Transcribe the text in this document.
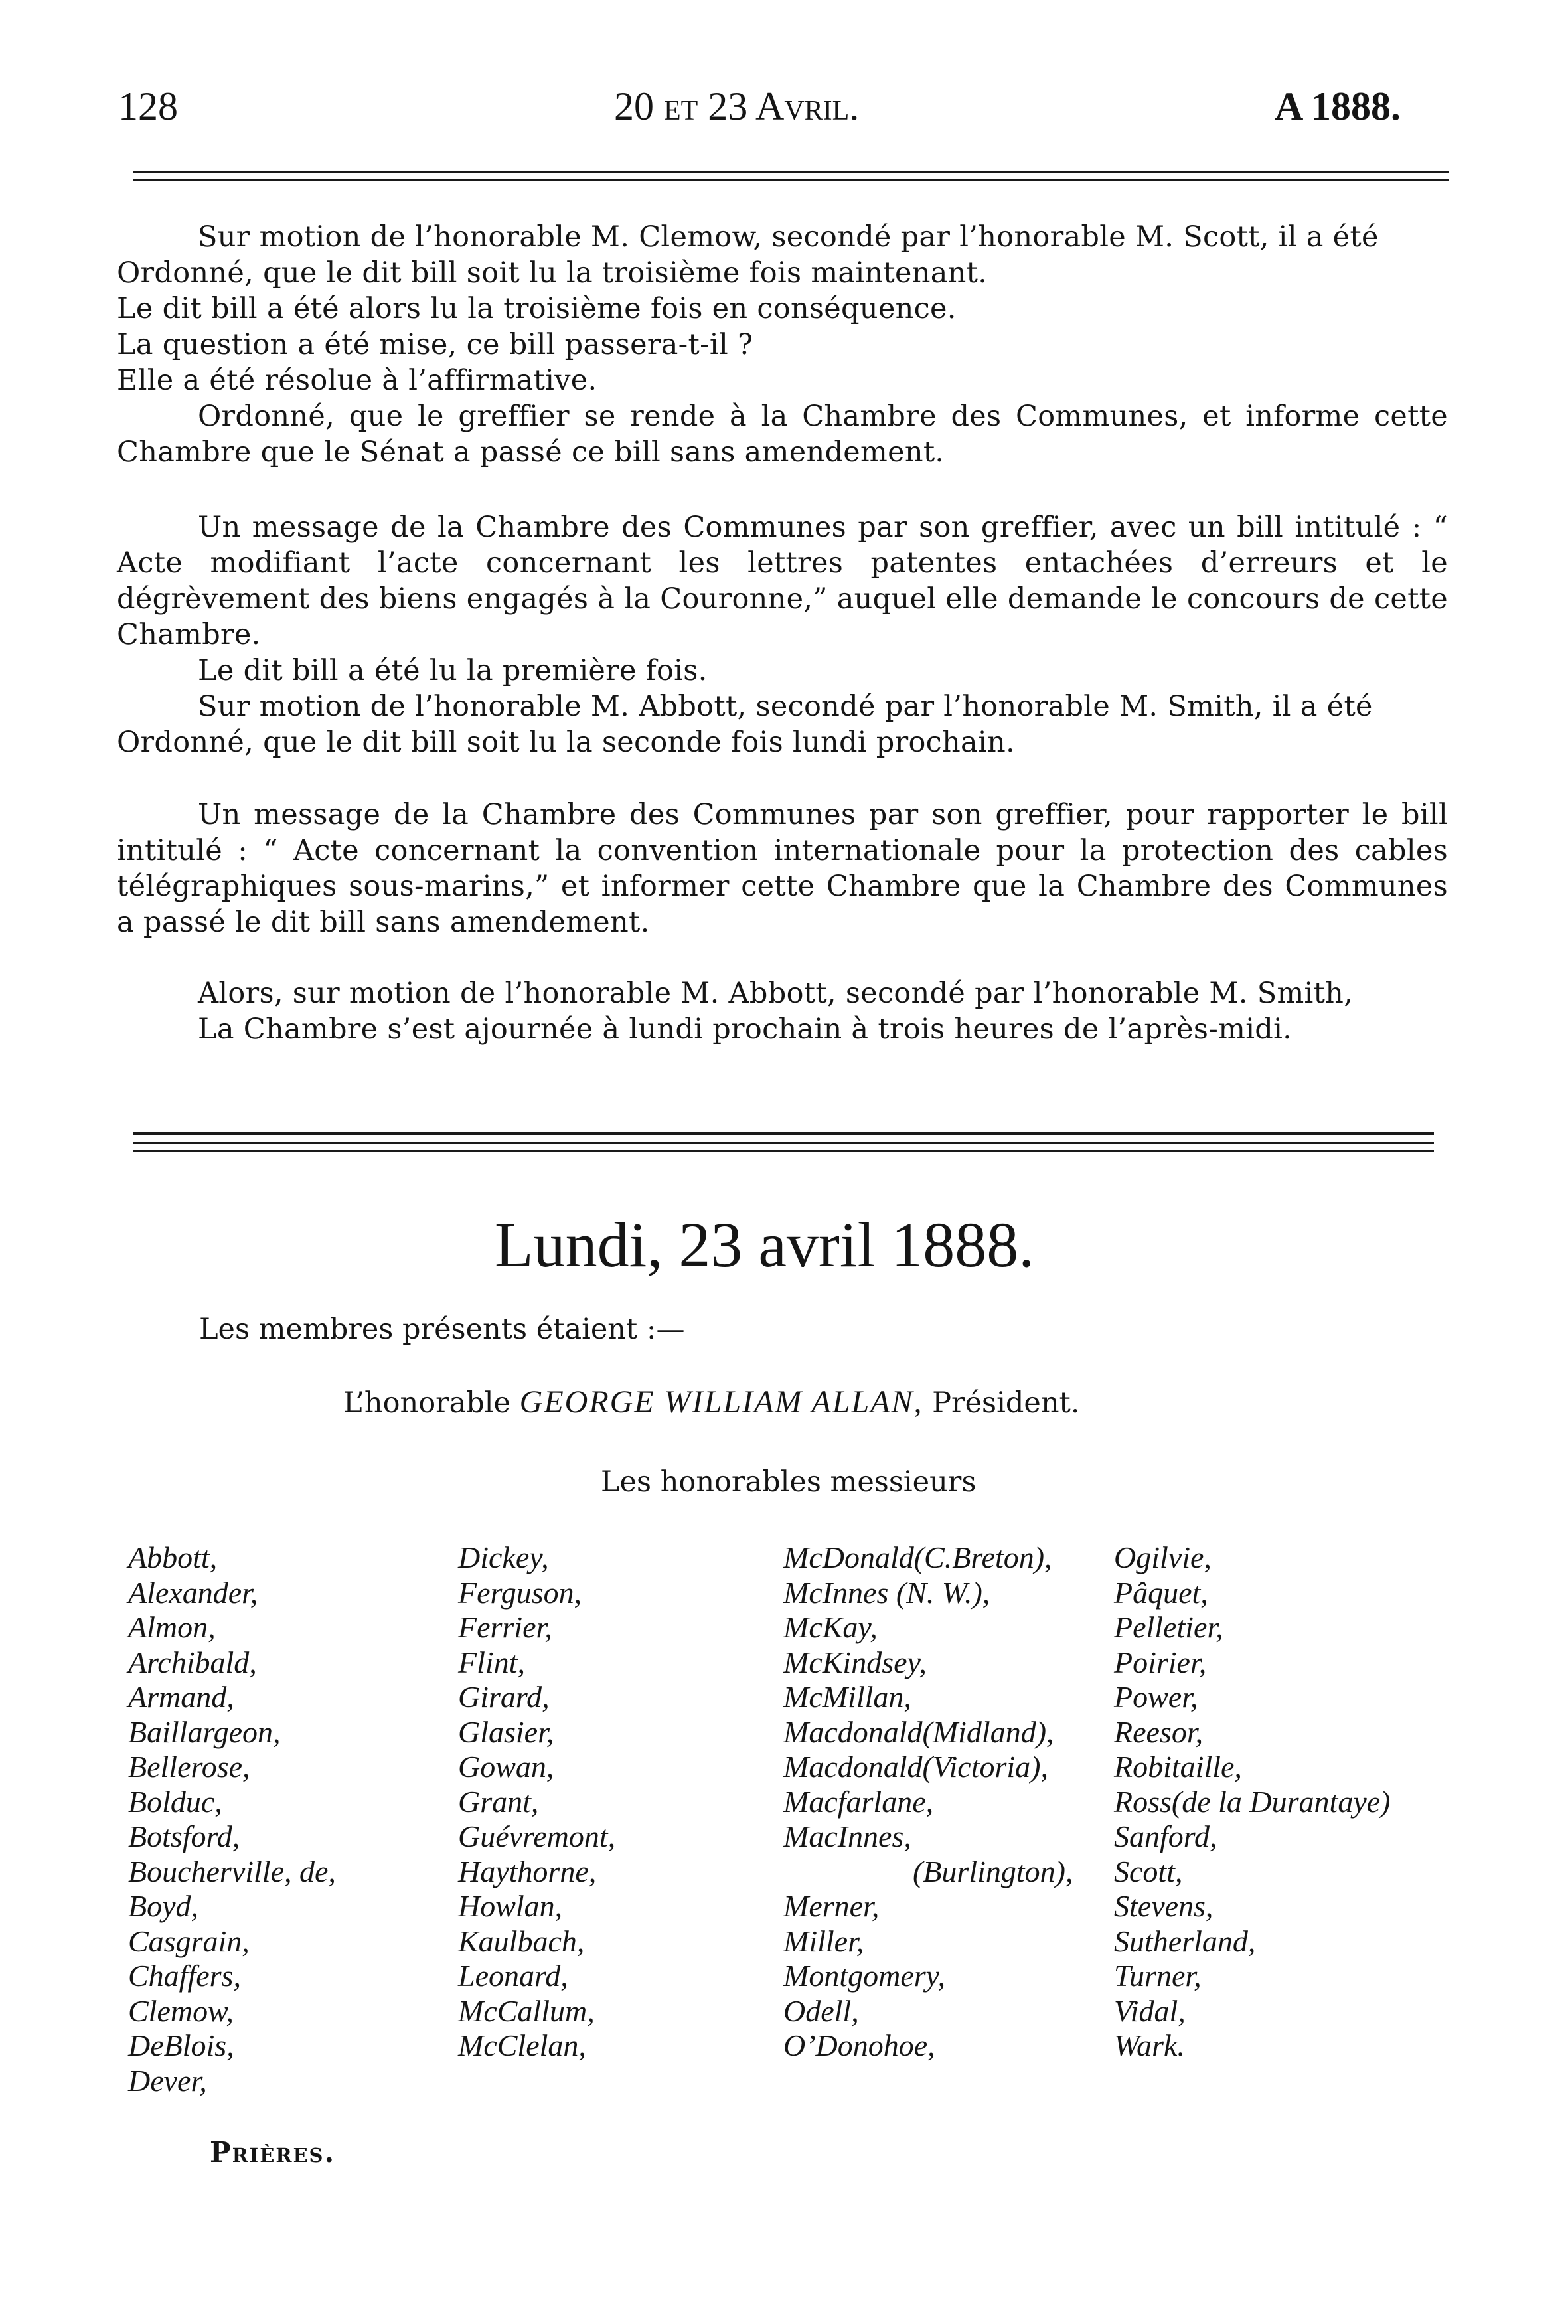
128	20 et 23 Avril.	A 1888.

Sur motion de l’honorable M. Clemow, secondé par l’honorable M. Scott, il a été

Ordonné, que le dit bill soit lu la troisième fois maintenant.

Le dit bill a été alors lu la troisième fois en conséquence.

La question a été mise, ce bill passera-t-il ?

Elle a été résolue à l’affirmative.

Ordonné, que le greffier se rende à la Chambre des Communes, et informe cette Chambre que le Sénat a passé ce bill sans amendement.

Un message de la Chambre des Communes par son greffier, avec un bill intitulé : “ Acte modifiant l’acte concernant les lettres patentes entachées d’erreurs et le dégrèvement des biens engagés à la Couronne,” auquel elle demande le concours de cette Chambre.

Le dit bill a été lu la première fois.

Sur motion de l’honorable M. Abbott, secondé par l’honorable M. Smith, il a été

Ordonné, que le dit bill soit lu la seconde fois lundi prochain.

Un message de la Chambre des Communes par son greffier, pour rapporter le bill intitulé : “ Acte concernant la convention internationale pour la protection des cables télégraphiques sous-marins,” et informer cette Chambre que la Chambre des Communes a passé le dit bill sans amendement.

Alors, sur motion de l’honorable M. Abbott, secondé par l’honorable M. Smith,

La Chambre s’est ajournée à lundi prochain à trois heures de l’après-midi.

Lundi, 23 avril 1888.
Les membres présents étaient :—
L’honorable GEORGE WILLIAM ALLAN, Président.
Les honorables messieurs
Abbott,
Alexander,
Almon,
Archibald,
Armand,
Baillargeon,
Bellerose,
Bolduc,
Botsford,
Boucherville, de,
Boyd,
Casgrain,
Chaffers,
Clemow,
DeBlois,
Dever,
Dickey,
Ferguson,
Ferrier,
Flint,
Girard,
Glasier,
Gowan,
Grant,
Guévremont,
Haythorne,
Howlan,
Kaulbach,
Leonard,
McCallum,
McClelan,
McDonald(C.Breton),
McInnes (N. W.),
McKay,
McKindsey,
McMillan,
Macdonald(Midland),
Macdonald(Victoria),
Macfarlane,
MacInnes,
(Burlington),
Merner,
Miller,
Montgomery,
Odell,
O’Donohoe,
Ogilvie,
Pâquet,
Pelletier,
Poirier,
Power,
Reesor,
Robitaille,
Ross(de la Durantaye)
Sanford,
Scott,
Stevens,
Sutherland,
Turner,
Vidal,
Wark.
Prières.
